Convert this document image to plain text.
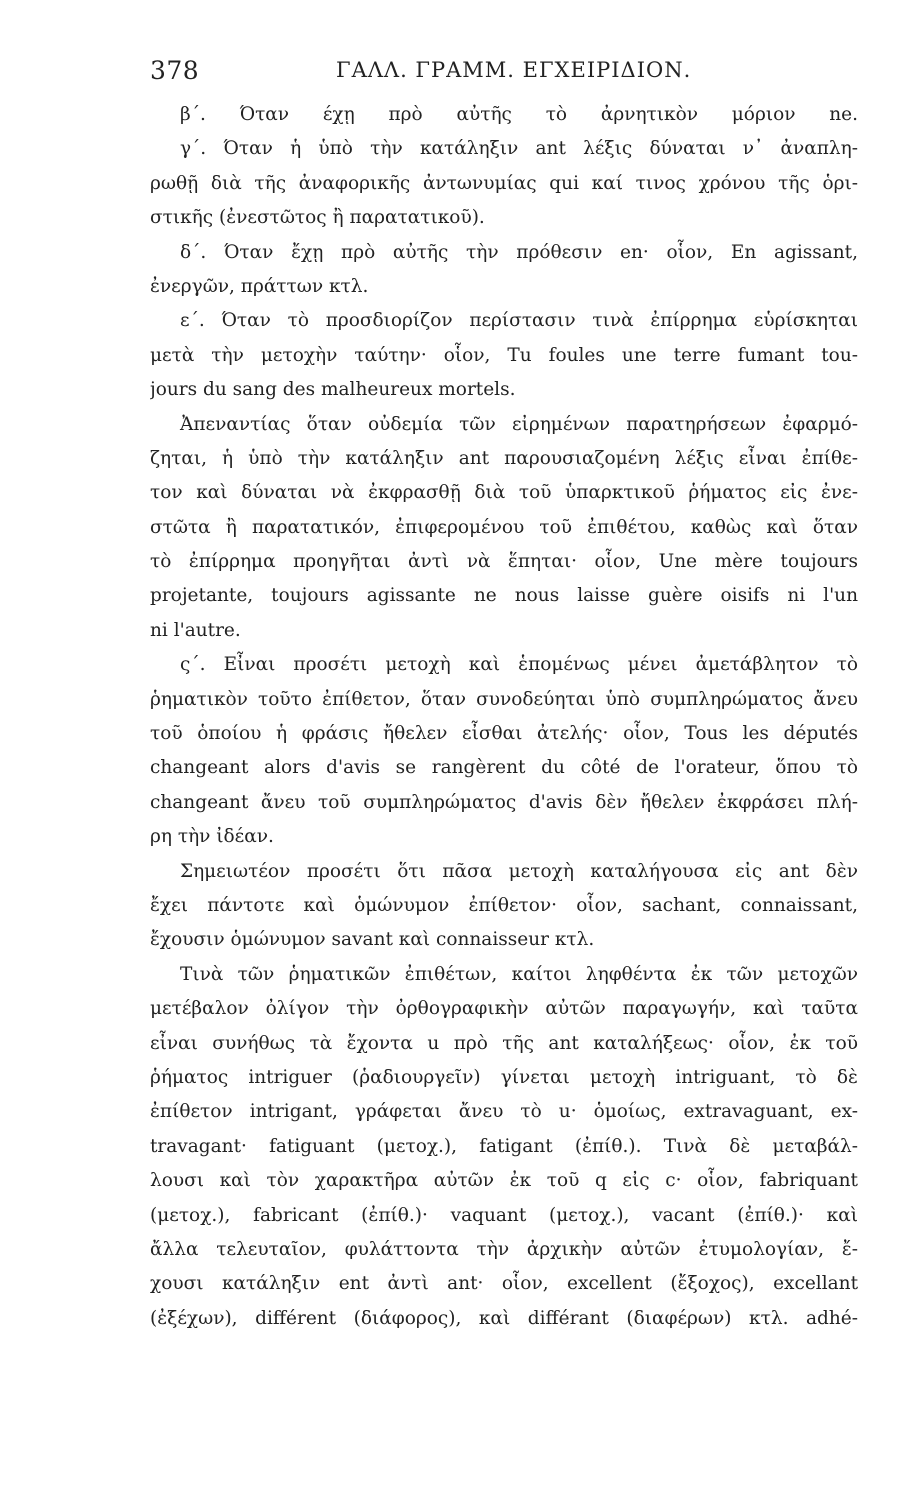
378	ΓΑΛΛ. ΓΡΑΜΜ. ΕΓΧΕΙΡΙΔΙΟΝ.
β΄. Όταν έχῃ πρὸ αὐτῆς τὸ ἀρνητικὸν μόριον ne.
γ΄. Όταν ἡ ὑπὸ τὴν κατάληξιν ant λέξις δύναται ν᾽ ἀναπλη-
ρωθῇ διὰ τῆς ἀναφορικῆς ἀντωνυμίας qui καί τινος χρόνου τῆς ὁρι-
στικῆς (ἐνεστῶτος ἢ παρατατικοῦ).
δ΄. Όταν ἔχῃ πρὸ αὐτῆς τὴν πρόθεσιν en· οἷον, En agissant,
ἐνεργῶν, πράττων κτλ.
ε΄. Όταν τὸ προσδιορίζον περίστασιν τινὰ ἐπίρρημα εὑρίσκηται
μετὰ τὴν μετοχὴν ταύτην· οἷον, Tu foules une terre fumant tou-
jours du sang des malheureux mortels.
Ἀπεναντίας ὅταν οὐδεμία τῶν εἰρημένων παρατηρήσεων ἐφαρμό-
ζηται, ἡ ὑπὸ τὴν κατάληξιν ant παρουσιαζομένη λέξις εἶναι ἐπίθε-
τον καὶ δύναται νὰ ἐκφρασθῇ διὰ τοῦ ὑπαρκτικοῦ ῥήματος εἰς ἐνε-
στῶτα ἢ παρατατικόν, ἐπιφερομένου τοῦ ἐπιθέτου, καθὼς καὶ ὅταν
τὸ ἐπίρρημα προηγῆται ἀντὶ νὰ ἕπηται· οἷον, Une mère toujours
projetante, toujours agissante ne nous laisse guère oisifs ni l'un
ni l'autre.
ς΄. Εἶναι προσέτι μετοχὴ καὶ ἑπομένως μένει ἀμετάβλητον τὸ
ῥηματικὸν τοῦτο ἐπίθετον, ὅταν συνοδεύηται ὑπὸ συμπληρώματος ἄνευ
τοῦ ὁποίου ἡ φράσις ἤθελεν εἶσθαι ἀτελής· οἷον, Tous les députés
changeant alors d'avis se rangèrent du côté de l'orateur, ὅπου τὸ
changeant ἄνευ τοῦ συμπληρώματος d'avis δὲν ἤθελεν ἐκφράσει πλή-
ρη τὴν ἰδέαν.
Σημειωτέον προσέτι ὅτι πᾶσα μετοχὴ καταλήγουσα εἰς ant δὲν
ἔχει πάντοτε καὶ ὁμώνυμον ἐπίθετον· οἷον, sachant, connaissant,
ἔχουσιν ὁμώνυμον savant καὶ connaisseur κτλ.
Τινὰ τῶν ῥηματικῶν ἐπιθέτων, καίτοι ληφθέντα ἐκ τῶν μετοχῶν
μετέβαλον ὀλίγον τὴν ὀρθογραφικὴν αὐτῶν παραγωγήν, καὶ ταῦτα
εἶναι συνήθως τὰ ἔχοντα u πρὸ τῆς ant καταλήξεως· οἷον, ἐκ τοῦ
ῥήματος intriguer (ῥαδιουργεῖν) γίνεται μετοχὴ intriguant, τὸ δὲ
ἐπίθετον intrigant, γράφεται ἄνευ τὸ u· ὁμοίως, extravaguant, ex-
travagant· fatiguant (μετοχ.), fatigant (ἐπίθ.). Τινὰ δὲ μεταβάλ-
λουσι καὶ τὸν χαρακτῆρα αὐτῶν ἐκ τοῦ q εἰς c· οἷον, fabriquant
(μετοχ.), fabricant (ἐπίθ.)· vaquant (μετοχ.), vacant (ἐπίθ.)· καὶ
ἄλλα τελευταῖον, φυλάττοντα τὴν ἀρχικὴν αὐτῶν ἐτυμολογίαν, ἔ-
χουσι κατάληξιν ent ἀντὶ ant· οἷον, excellent (ἔξοχος), excellant
(ἐξέχων), différent (διάφορος), καὶ différant (διαφέρων) κτλ. adhé-
